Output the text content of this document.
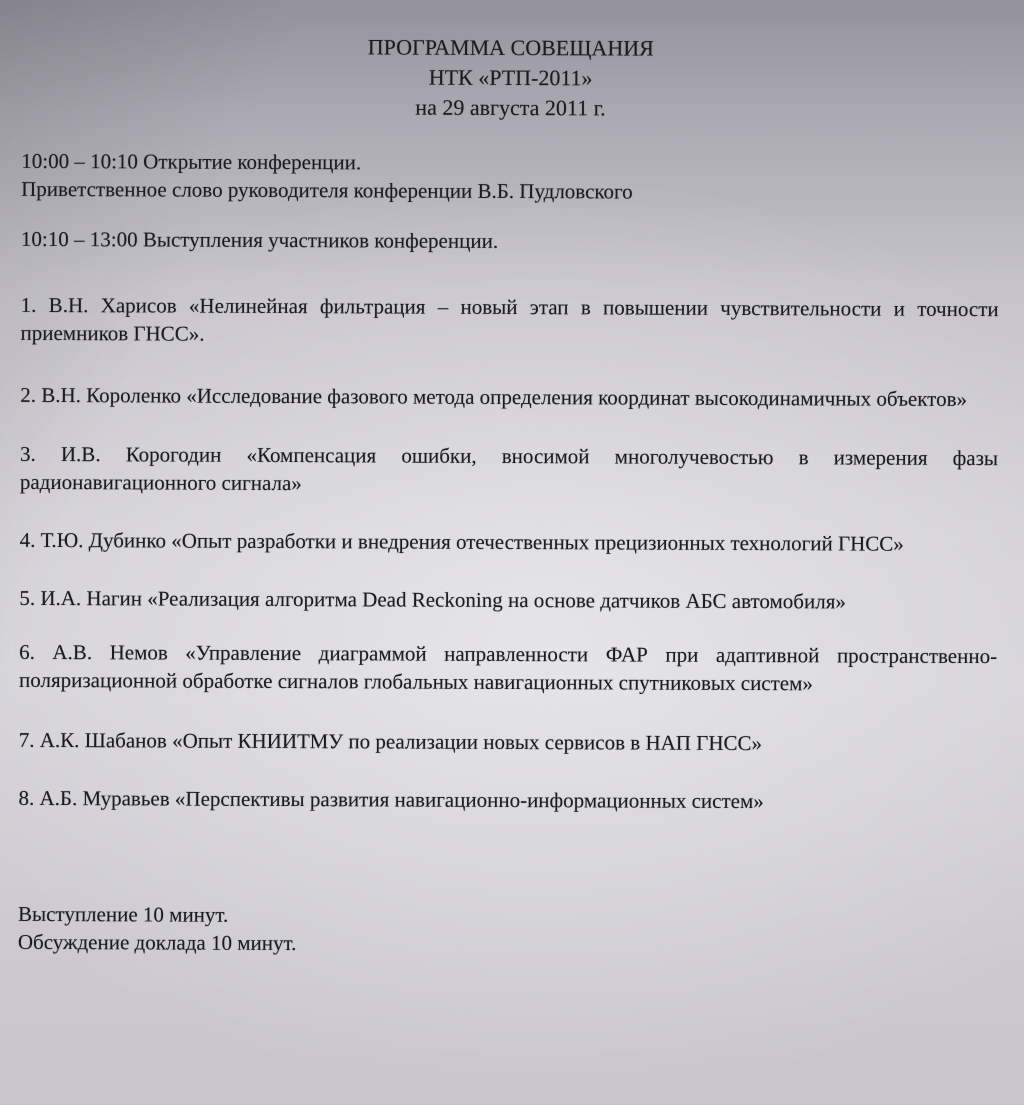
ПРОГРАММА СОВЕЩАНИЯ
НТК «РТП-2011»
на 29 августа 2011 г.
10:00 – 10:10 Открытие конференции.
Приветственное слово руководителя конференции В.Б. Пудловского
10:10 – 13:00 Выступления участников конференции.
1. В.Н. Харисов «Нелинейная фильтрация – новый этап в повышении чувствительности и точности приемников ГНСС».
2. В.Н. Короленко «Исследование фазового метода определения координат высокодинамичных объектов»
3. И.В. Корогодин «Компенсация ошибки, вносимой многолучевостью в измерения фазы радионавигационного сигнала»
4. Т.Ю. Дубинко «Опыт разработки и внедрения отечественных прецизионных технологий ГНСС»
5. И.А. Нагин «Реализация алгоритма Dead Reckoning на основе датчиков АБС автомобиля»
6. А.В. Немов «Управление диаграммой направленности ФАР при адаптивной пространственно-поляризационной обработке сигналов глобальных навигационных спутниковых систем»
7. А.К. Шабанов «Опыт КНИИТМУ по реализации новых сервисов в НАП ГНСС»
8. А.Б. Муравьев «Перспективы развития навигационно-информационных систем»
Выступление 10 минут.
Обсуждение доклада 10 минут.
